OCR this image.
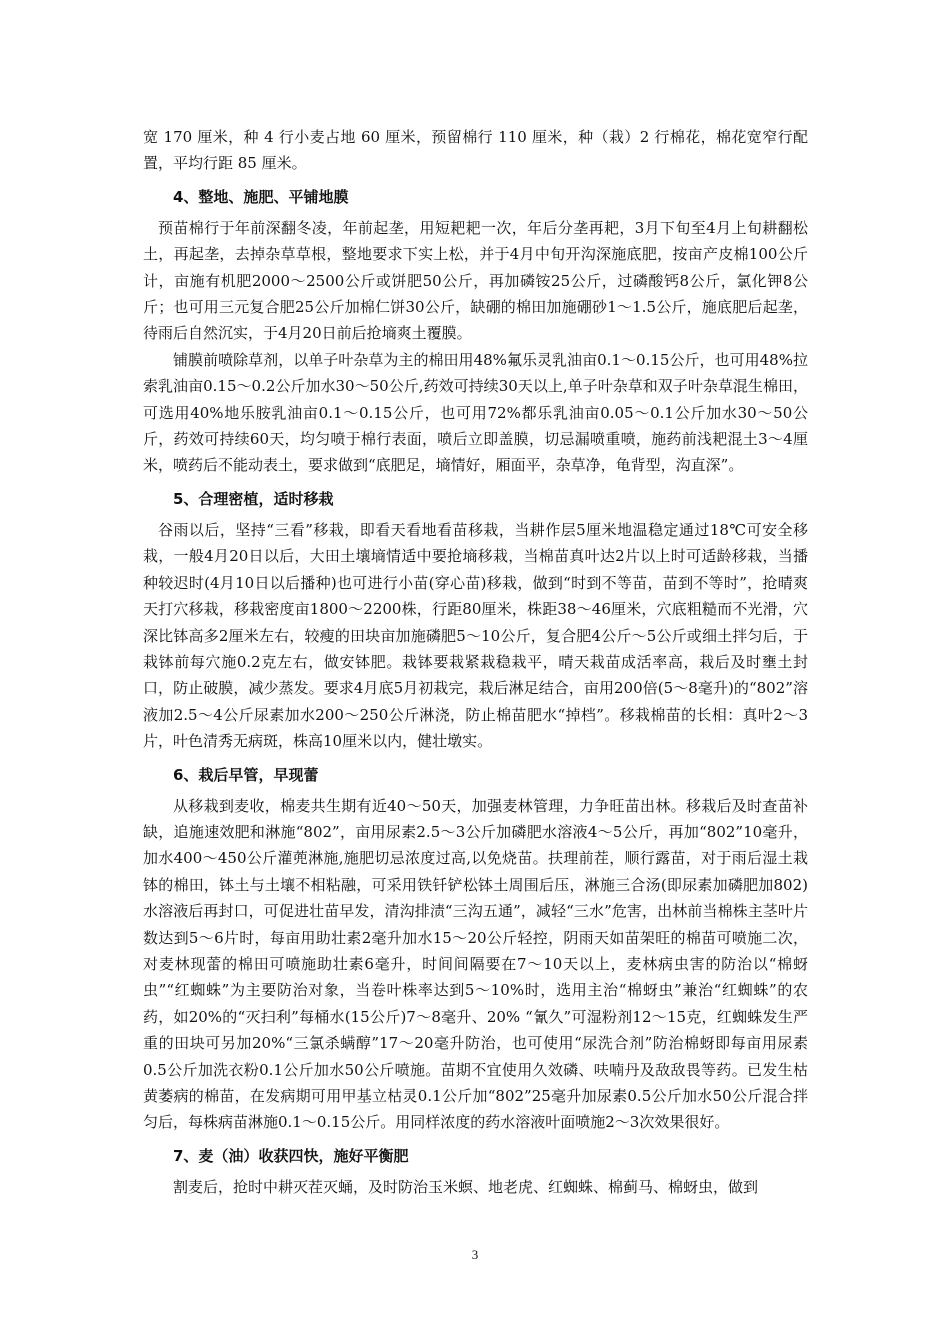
宽 170 厘米，种 4 行小麦占地 60 厘米，预留棉行 110 厘米，种（栽）2 行棉花，棉花宽窄行配置，平均行距 85 厘米。

4、整地、施肥、平铺地膜

预苗棉行于年前深翻冬凌，年前起垄，用短耙耙一次，年后分垄再耙，3月下旬至4月上旬耕翻松土，再起垄，去掉杂草草根，整地要求下实上松，并于4月中旬开沟深施底肥，按亩产皮棉100公斤计，亩施有机肥2000～2500公斤或饼肥50公斤，再加磷铵25公斤，过磷酸钙8公斤，氯化钾8公斤；也可用三元复合肥25公斤加棉仁饼30公斤，缺硼的棉田加施硼砂1～1.5公斤，施底肥后起垄，待雨后自然沉实，于4月20日前后抢墒爽土覆膜。

铺膜前喷除草剂，以单子叶杂草为主的棉田用48%氟乐灵乳油亩0.1～0.15公斤，也可用48%拉索乳油亩0.15～0.2公斤加水30～50公斤,药效可持续30天以上,单子叶杂草和双子叶杂草混生棉田，可选用40%地乐胺乳油亩0.1～0.15公斤，也可用72%都乐乳油亩0.05～0.1公斤加水30～50公斤，药效可持续60天，均匀喷于棉行表面，喷后立即盖膜，切忌漏喷重喷，施药前浅耙混土3～4厘米，喷药后不能动表土，要求做到“底肥足，墒情好，厢面平，杂草净，龟背型，沟直深”。

5、合理密植，适时移栽

谷雨以后，坚持“三看”移栽，即看天看地看苗移栽，当耕作层5厘米地温稳定通过18℃可安全移栽，一般4月20日以后，大田土壤墒情适中要抢墒移栽，当棉苗真叶达2片以上时可适龄移栽，当播种较迟时(4月10日以后播种)也可进行小苗(穿心苗)移栽，做到“时到不等苗，苗到不等时”，抢晴爽天打穴移栽，移栽密度亩1800～2200株，行距80厘米，株距38～46厘米，穴底粗糙而不光滑，穴深比钵高多2厘米左右，较瘦的田块亩加施磷肥5～10公斤，复合肥4公斤～5公斤或细土拌匀后，于栽钵前每穴施0.2克左右，做安钵肥。栽钵要栽紧栽稳栽平，晴天栽苗成活率高，栽后及时壅土封口，防止破膜，减少蒸发。要求4月底5月初栽完，栽后淋足结合，亩用200倍(5～8毫升)的“802”溶液加2.5～4公斤尿素加水200～250公斤淋浇，防止棉苗肥水“掉档”。移栽棉苗的长相：真叶2～3片，叶色清秀无病斑，株高10厘米以内，健壮墩实。

6、栽后早管，早现蕾

从移栽到麦收，棉麦共生期有近40～50天，加强麦林管理，力争旺苗出林。移栽后及时查苗补缺，追施速效肥和淋施“802”，亩用尿素2.5～3公斤加磷肥水溶液4～5公斤，再加“802”10毫升，加水400～450公斤灌蔸淋施,施肥切忌浓度过高,以免烧苗。扶理前茬，顺行露苗，对于雨后湿土栽钵的棉田，钵土与土壤不相粘融，可采用铁钎铲松钵土周围后压，淋施三合汤(即尿素加磷肥加802)水溶液后再封口，可促进壮苗早发，清沟排渍“三沟五通”，减轻“三水”危害，出林前当棉株主茎叶片数达到5～6片时，每亩用助壮素2毫升加水15～20公斤轻控，阴雨天如苗架旺的棉苗可喷施二次，对麦林现蕾的棉田可喷施助壮素6毫升，时间间隔要在7～10天以上，麦林病虫害的防治以“棉蚜虫”“红蜘蛛”为主要防治对象，当卷叶株率达到5～10%时，选用主治“棉蚜虫”兼治“红蜘蛛”的农药，如20%的“灭扫利”每桶水(15公斤)7～8毫升、20% “氰久”可湿粉剂12～15克，红蜘蛛发生严重的田块可另加20%“三氯杀螨醇”17～20毫升防治，也可使用“尿洗合剂”防治棉蚜即每亩用尿素0.5公斤加洗衣粉0.1公斤加水50公斤喷施。苗期不宜使用久效磷、呋喃丹及敌敌畏等药。已发生枯黄萎病的棉苗，在发病期可用甲基立枯灵0.1公斤加“802”25毫升加尿素0.5公斤加水50公斤混合拌匀后，每株病苗淋施0.1～0.15公斤。用同样浓度的药水溶液叶面喷施2～3次效果很好。

7、麦（油）收获四快，施好平衡肥

割麦后，抢时中耕灭茬灭蛹，及时防治玉米螟、地老虎、红蜘蛛、棉蓟马、棉蚜虫，做到

3
